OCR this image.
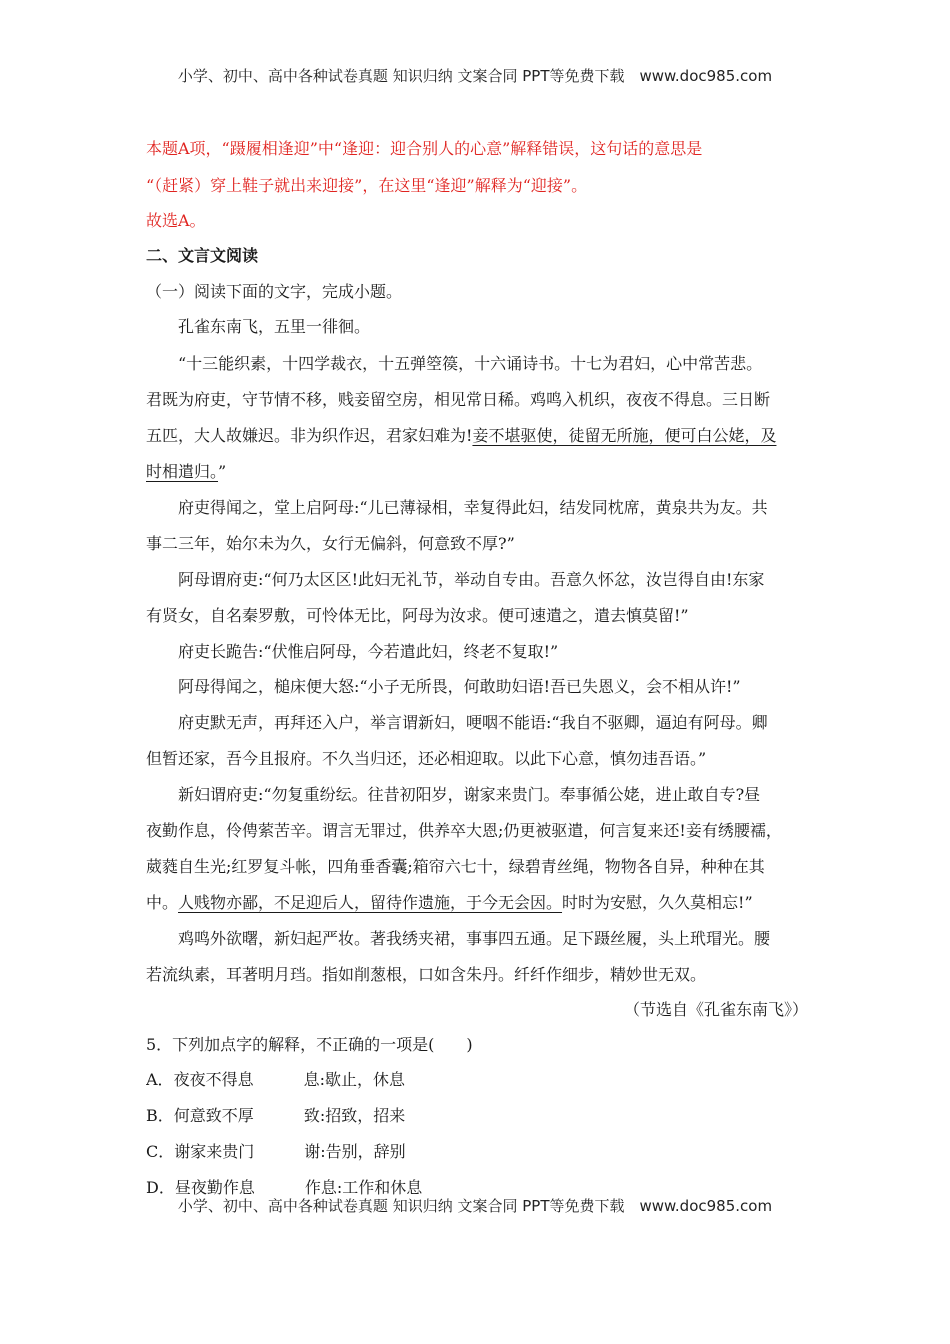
小学、初中、高中各种试卷真题 知识归纳 文案合同 PPT等免费下载　www.doc985.com

本题A项，“蹑履相逢迎”中“逢迎：迎合别人的心意”解释错误，这句话的意思是

“（赶紧）穿上鞋子就出来迎接”，在这里“逢迎”解释为“迎接”。

故选A。

二、文言文阅读

（一）阅读下面的文字，完成小题。

孔雀东南飞，五里一徘徊。

“十三能织素，十四学裁衣，十五弹箜篌，十六诵诗书。十七为君妇，心中常苦悲。

君既为府吏，守节情不移，贱妾留空房，相见常日稀。鸡鸣入机织，夜夜不得息。三日断

五匹，大人故嫌迟。非为织作迟，君家妇难为!妾不堪驱使，徒留无所施，便可白公姥，及

时相遣归。”

府吏得闻之，堂上启阿母:“儿已薄禄相，幸复得此妇，结发同枕席，黄泉共为友。共

事二三年，始尔未为久，女行无偏斜，何意致不厚?”

阿母谓府吏:“何乃太区区!此妇无礼节，举动自专由。吾意久怀忿，汝岂得自由!东家

有贤女，自名秦罗敷，可怜体无比，阿母为汝求。便可速遣之，遣去慎莫留!”

府吏长跪告:“伏惟启阿母，今若遣此妇，终老不复取!”

阿母得闻之，槌床便大怒:“小子无所畏，何敢助妇语!吾已失恩义，会不相从许!”

府吏默无声，再拜还入户，举言谓新妇，哽咽不能语:“我自不驱卿，逼迫有阿母。卿

但暂还家，吾今且报府。不久当归还，还必相迎取。以此下心意，慎勿违吾语。”

新妇谓府吏:“勿复重纷纭。往昔初阳岁，谢家来贵门。奉事循公姥，进止敢自专?昼

夜勤作息，伶俜萦苦辛。谓言无罪过，供养卒大恩;仍更被驱遣，何言复来还!妾有绣腰襦，

葳蕤自生光;红罗复斗帐，四角垂香囊;箱帘六七十，绿碧青丝绳，物物各自异，种种在其

中。人贱物亦鄙，不足迎后人，留待作遗施，于今无会因。时时为安慰，久久莫相忘!”

鸡鸣外欲曙，新妇起严妆。著我绣夹裙，事事四五通。足下蹑丝履，头上玳瑁光。腰

若流纨素，耳著明月珰。指如削葱根，口如含朱丹。纤纤作细步，精妙世无双。

（节选自《孔雀东南飞》）

5．下列加点字的解释，不正确的一项是(　　)

A．夜夜不得息	息:歇止，休息

B．何意致不厚	致:招致，招来

C．谢家来贵门	谢:告别，辞别

D．昼夜勤作息	作息:工作和休息

小学、初中、高中各种试卷真题 知识归纳 文案合同 PPT等免费下载　www.doc985.com
